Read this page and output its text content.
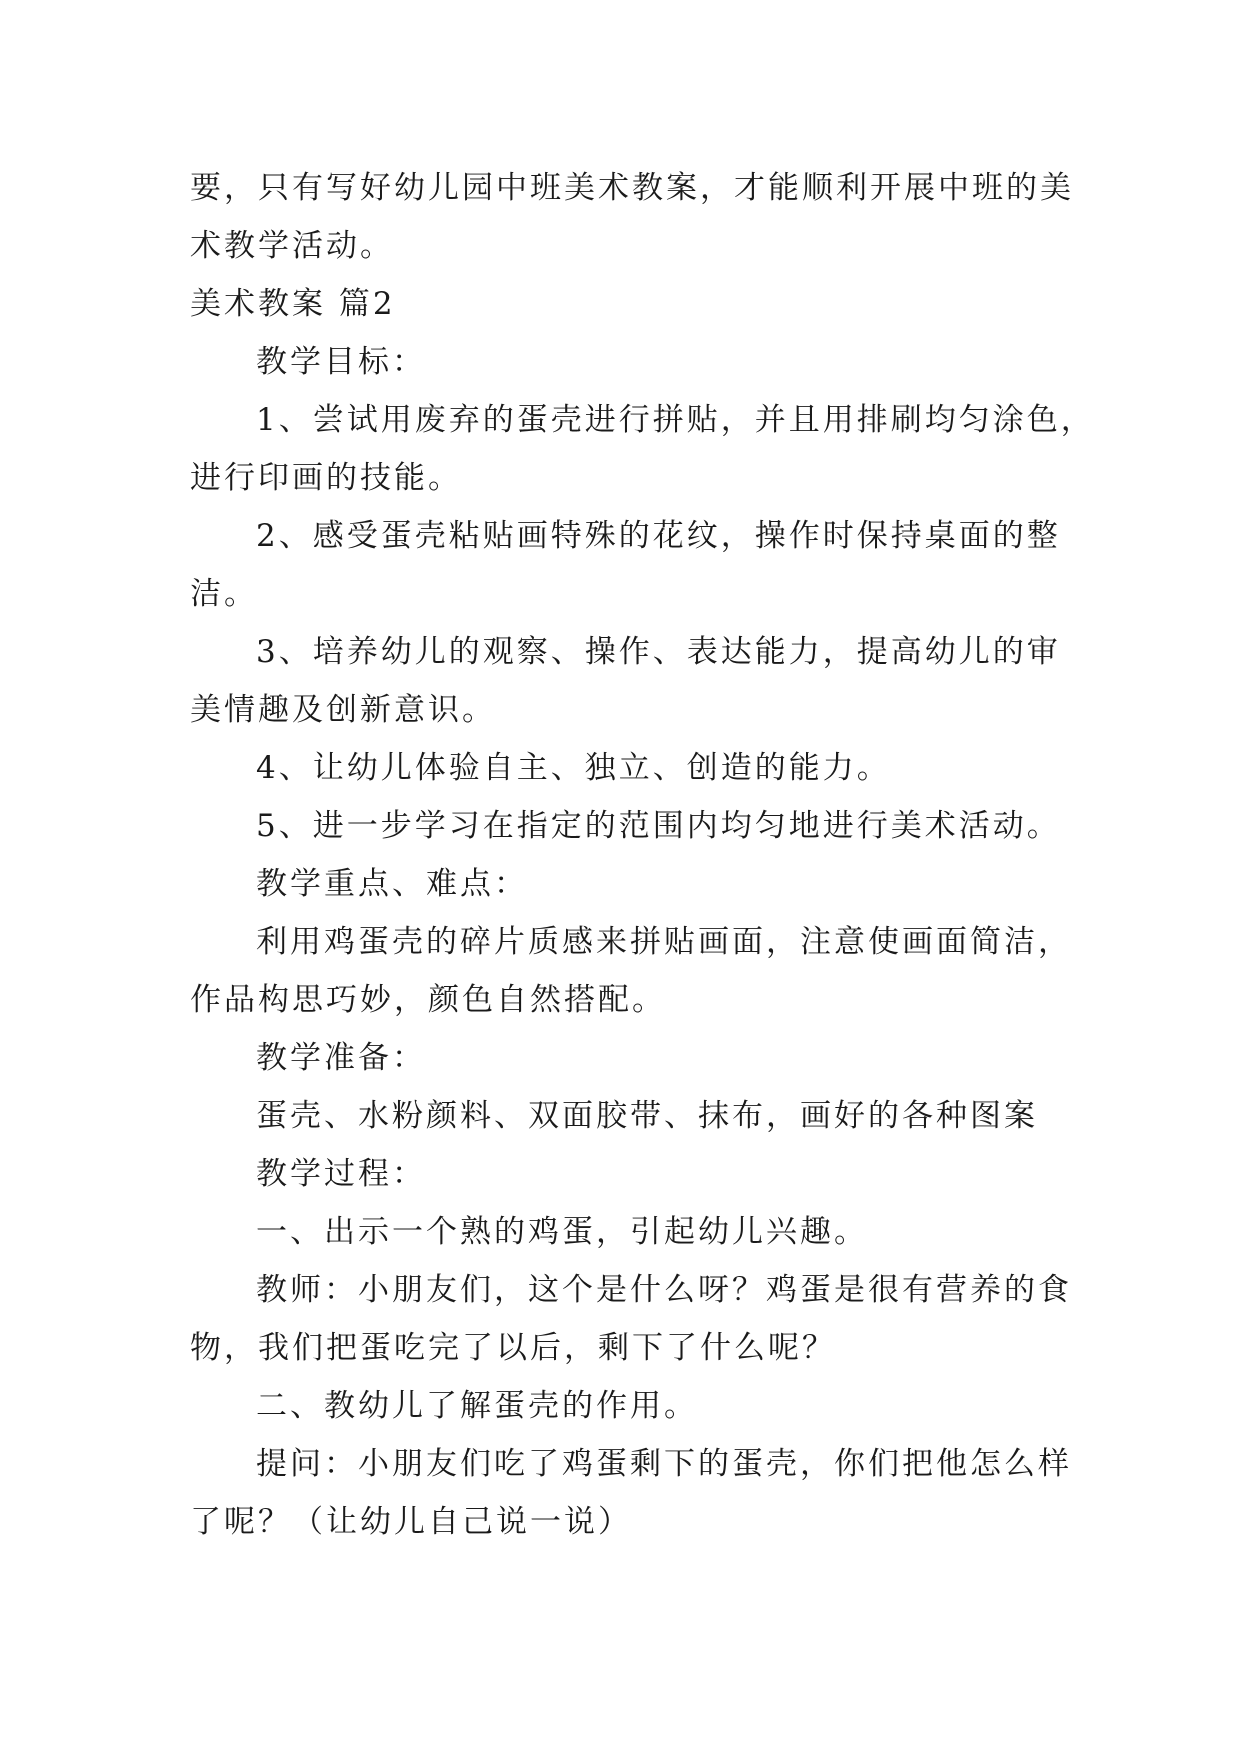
要，只有写好幼儿园中班美术教案，才能顺利开展中班的美
术教学活动。
美术教案 篇2
教学目标：
1、尝试用废弃的蛋壳进行拼贴，并且用排刷均匀涂色，
进行印画的技能。
2、感受蛋壳粘贴画特殊的花纹，操作时保持桌面的整
洁。
3、培养幼儿的观察、操作、表达能力，提高幼儿的审
美情趣及创新意识。
4、让幼儿体验自主、独立、创造的能力。
5、进一步学习在指定的范围内均匀地进行美术活动。
教学重点、难点：
利用鸡蛋壳的碎片质感来拼贴画面，注意使画面简洁，
作品构思巧妙，颜色自然搭配。
教学准备：
蛋壳、水粉颜料、双面胶带、抹布，画好的各种图案
教学过程：
一、出示一个熟的鸡蛋，引起幼儿兴趣。
教师：小朋友们，这个是什么呀？鸡蛋是很有营养的食
物，我们把蛋吃完了以后，剩下了什么呢？
二、教幼儿了解蛋壳的作用。
提问：小朋友们吃了鸡蛋剩下的蛋壳，你们把他怎么样
了呢？（让幼儿自己说一说）
